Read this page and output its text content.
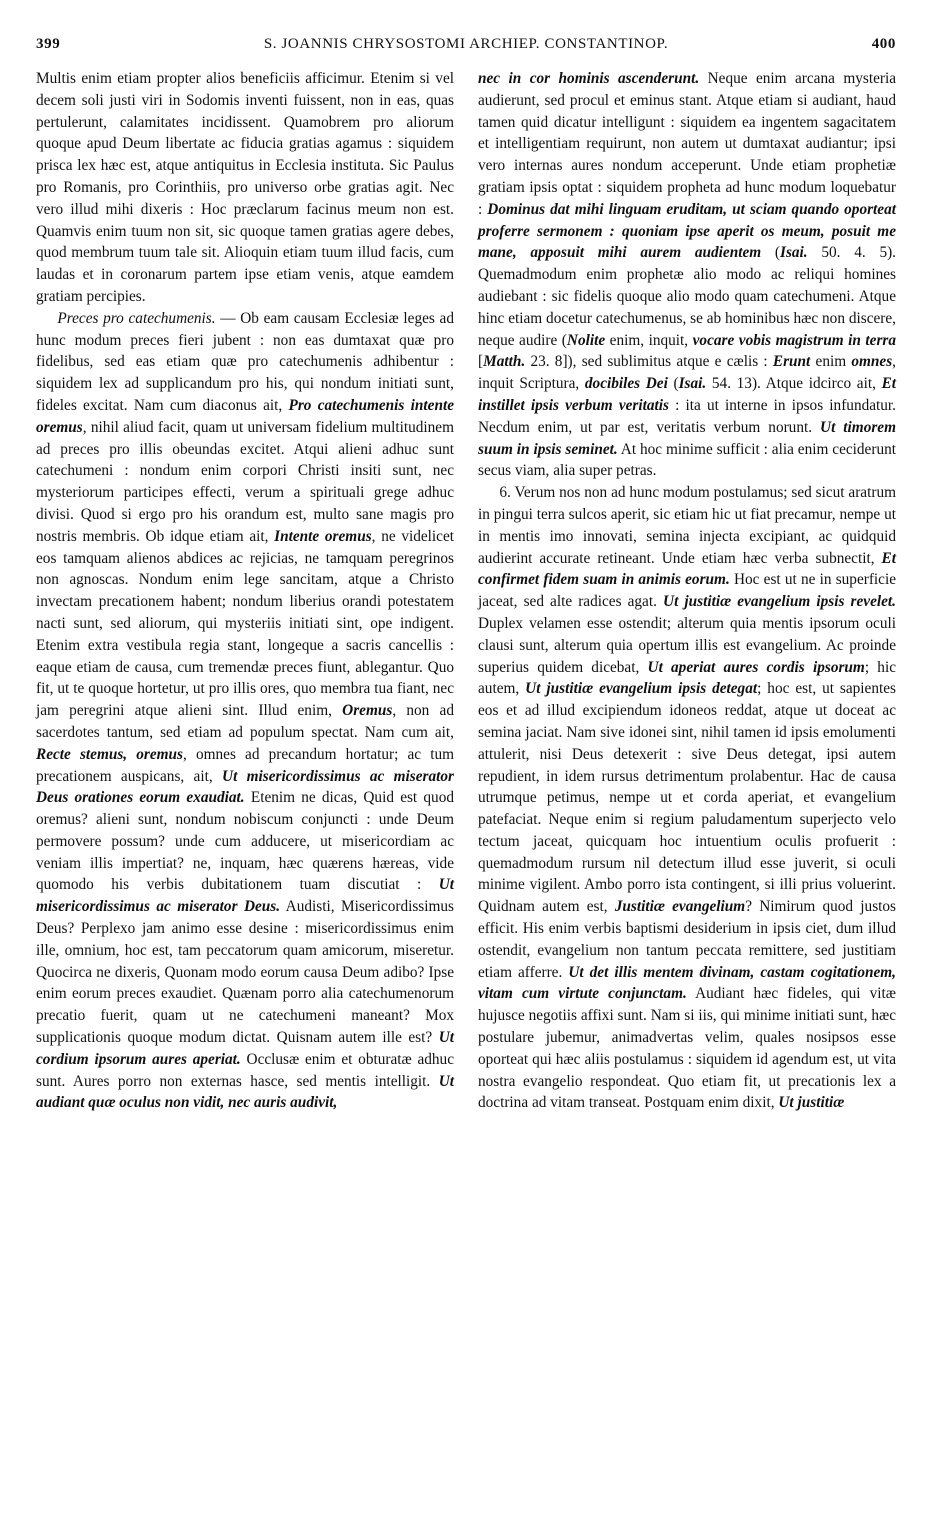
399	S. JOANNIS CHRYSOSTOMI ARCHIEP. CONSTANTINOP.	400

Multis enim etiam propter alios beneficiis afficimur. Etenim si vel decem soli justi viri in Sodomis inventi fuissent, non in eas, quas pertulerunt, calamitates incidissent. Quamobrem pro aliorum quoque apud Deum libertate ac fiducia gratias agamus : siquidem prisca lex hæc est, atque antiquitus in Ecclesia instituta. Sic Paulus pro Romanis, pro Corinthiis, pro universo orbe gratias agit. Nec vero illud mihi dixeris : Hoc præclarum facinus meum non est. Quamvis enim tuum non sit, sic quoque tamen gratias agere debes, quod membrum tuum tale sit. Alioquin etiam tuum illud facis, cum laudas et in coronarum partem ipse etiam venis, atque eamdem gratiam percipies.

Preces pro catechumenis. — Ob eam causam Ecclesiæ leges ad hunc modum preces fieri jubent : non eas dumtaxat quæ pro fidelibus, sed eas etiam quæ pro catechumenis adhibentur : siquidem lex ad supplicandum pro his, qui nondum initiati sunt, fideles excitat. Nam cum diaconus ait, Pro catechumenis intente oremus, nihil aliud facit, quam ut universam fidelium multitudinem ad preces pro illis obeundas excitet. Atqui alieni adhuc sunt catechumeni : nondum enim corpori Christi insiti sunt, nec mysteriorum participes effecti, verum a spirituali grege adhuc divisi. Quod si ergo pro his orandum est, multo sane magis pro nostris membris. Ob idque etiam ait, Intente oremus, ne videlicet eos tamquam alienos abdices ac rejicias, ne tamquam peregrinos non agnoscas. Nondum enim lege sancitam, atque a Christo invectam precationem habent; nondum liberius orandi potestatem nacti sunt, sed aliorum, qui mysteriis initiati sint, ope indigent. Etenim extra vestibula regia stant, longeque a sacris cancellis : eaque etiam de causa, cum tremendæ preces fiunt, ablegantur. Quo fit, ut te quoque hortetur, ut pro illis ores, quo membra tua fiant, nec jam peregrini atque alieni sint. Illud enim, Oremus, non ad sacerdotes tantum, sed etiam ad populum spectat. Nam cum ait, Recte stemus, oremus, omnes ad precandum hortatur; ac tum precationem auspicans, ait, Ut misericordissimus ac miserator Deus orationes eorum exaudiat. Etenim ne dicas, Quid est quod oremus? alieni sunt, nondum nobiscum conjuncti : unde Deum permovere possum? unde cum adducere, ut misericordiam ac veniam illis impertiat? ne, inquam, hæc quærens hæreas, vide quomodo his verbis dubitationem tuam discutiat : Ut misericordissimus ac miserator Deus. Audisti, Misericordissimus Deus? Perplexo jam animo esse desine : misericordissimus enim ille, omnium, hoc est, tam peccatorum quam amicorum, miseretur. Quocirca ne dixeris, Quonam modo eorum causa Deum adibo? Ipse enim eorum preces exaudiet. Quænam porro alia catechumenorum precatio fuerit, quam ut ne catechumeni maneant? Mox supplicationis quoque modum dictat. Quisnam autem ille est? Ut cordium ipsorum aures aperiat. Occlusæ enim et obturatæ adhuc sunt. Aures porro non externas hasce, sed mentis intelligit. Ut audiant quæ oculus non vidit, nec auris audivit,

nec in cor hominis ascenderunt. Neque enim arcana mysteria audierunt, sed procul et eminus stant. Atque etiam si audiant, haud tamen quid dicatur intelligunt : siquidem ea ingentem sagacitatem et intelligentiam requirunt, non autem ut dumtaxat audiantur; ipsi vero internas aures nondum acceperunt. Unde etiam prophetiæ gratiam ipsis optat : siquidem propheta ad hunc modum loquebatur : Dominus dat mihi linguam eruditam, ut sciam quando oporteat proferre sermonem : quoniam ipse aperit os meum, posuit me mane, apposuit mihi aurem audientem (Isai. 50. 4. 5). Quemadmodum enim prophetæ alio modo ac reliqui homines audiebant : sic fidelis quoque alio modo quam catechumeni. Atque hinc etiam docetur catechumenus, se ab hominibus hæc non discere, neque audire (Nolite enim, inquit, vocare vobis magistrum in terra [Matth. 23. 8]), sed sublimitus atque e cælis : Erunt enim omnes, inquit Scriptura, docibiles Dei (Isai. 54. 13). Atque idcirco ait, Et instillet ipsis verbum veritatis : ita ut interne in ipsos infundatur. Necdum enim, ut par est, veritatis verbum norunt. Ut timorem suum in ipsis seminet. At hoc minime sufficit : alia enim ceciderunt secus viam, alia super petras.

6. Verum nos non ad hunc modum postulamus; sed sicut aratrum in pingui terra sulcos aperit, sic etiam hic ut fiat precamur, nempe ut in mentis imo innovati, semina injecta excipiant, ac quidquid audierint accurate retineant. Unde etiam hæc verba subnectit, Et confirmet fidem suam in animis eorum. Hoc est ut ne in superficie jaceat, sed alte radices agat. Ut justitiæ evangelium ipsis revelet. Duplex velamen esse ostendit; alterum quia mentis ipsorum oculi clausi sunt, alterum quia opertum illis est evangelium. Ac proinde superius quidem dicebat, Ut aperiat aures cordis ipsorum; hic autem, Ut justitiæ evangelium ipsis detegat; hoc est, ut sapientes eos et ad illud excipiendum idoneos reddat, atque ut doceat ac semina jaciat. Nam sive idonei sint, nihil tamen id ipsis emolumenti attulerit, nisi Deus detexerit : sive Deus detegat, ipsi autem repudient, in idem rursus detrimentum prolabentur. Hac de causa utrumque petimus, nempe ut et corda aperiat, et evangelium patefaciat. Neque enim si regium paludamentum superjecto velo tectum jaceat, quicquam hoc intuentium oculis profuerit : quemadmodum rursum nil detectum illud esse juverit, si oculi minime vigilent. Ambo porro ista contingent, si illi prius voluerint. Quidnam autem est, Justitiæ evangelium? Nimirum quod justos efficit. His enim verbis baptismi desiderium in ipsis ciet, dum illud ostendit, evangelium non tantum peccata remittere, sed justitiam etiam afferre. Ut det illis mentem divinam, castam cogitationem, vitam cum virtute conjunctam. Audiant hæc fideles, qui vitæ hujusce negotiis affixi sunt. Nam si iis, qui minime initiati sunt, hæc postulare jubemur, animadvertas velim, quales nosipsos esse oporteat qui hæc aliis postulamus : siquidem id agendum est, ut vita nostra evangelio respondeat. Quo etiam fit, ut precationis lex a doctrina ad vitam transeat. Postquam enim dixit, Ut justitiæ
